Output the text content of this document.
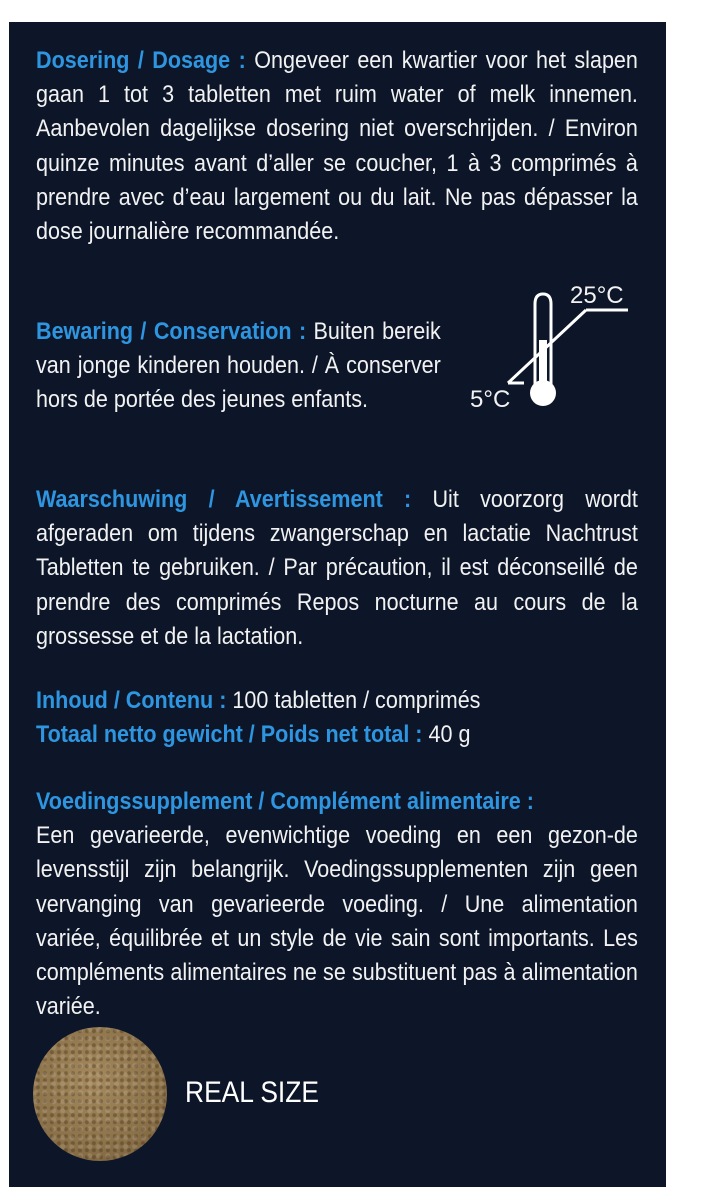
Dosering / Dosage : Ongeveer een kwartier voor het slapen gaan 1 tot 3 tabletten met ruim water of melk innemen. Aanbevolen dagelijkse dosering niet overschrijden. / Environ quinze minutes avant d’aller se coucher, 1 à 3 comprimés à prendre avec d’eau largement ou du lait. Ne pas dépasser la dose journalière recommandée.

Bewaring / Conservation : Buiten bereik van jonge kinderen houden. / À conserver hors de portée des jeunes enfants.

25°C
5°C

Waarschuwing / Avertissement : Uit voorzorg wordt afgeraden om tijdens zwangerschap en lactatie Nachtrust Tabletten te gebruiken. / Par précaution, il est déconseillé de prendre des comprimés Repos nocturne au cours de la grossesse et de la lactation.

Inhoud / Contenu : 100 tabletten / comprimés
Totaal netto gewicht / Poids net total : 40 g
Voedingssupplement / Complément alimentaire :

Een gevarieerde, evenwichtige voeding en een gezon-de levensstijl zijn belangrijk. Voedingssupplementen zijn geen vervanging van gevarieerde voeding. / Une alimentation variée, équilibrée et un style de vie sain sont importants. Les compléments alimentaires ne se substituent pas à alimentation variée.

REAL SIZE
